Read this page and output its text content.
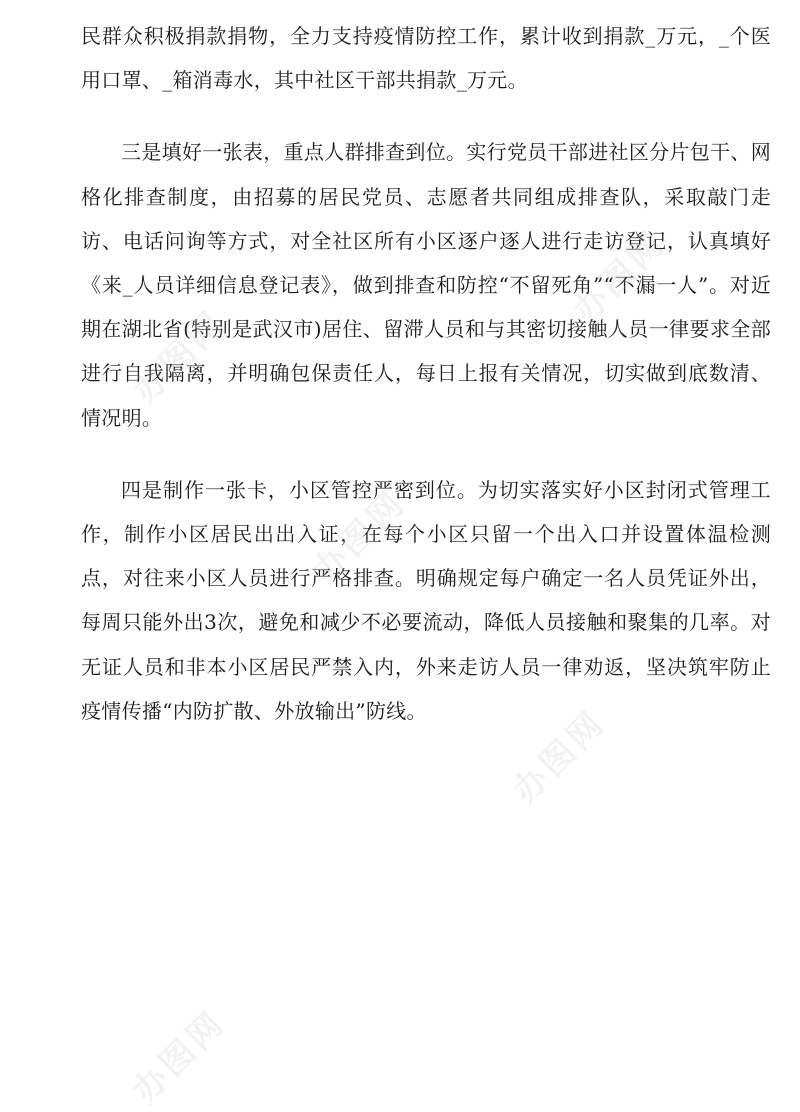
民群众积极捐款捐物，全力支持疫情防控工作，累计收到捐款_万元，_个医用口罩、_箱消毒水，其中社区干部共捐款_万元。

三是填好一张表，重点人群排查到位。实行党员干部进社区分片包干、网格化排查制度，由招募的居民党员、志愿者共同组成排查队，采取敲门走访、电话问询等方式，对全社区所有小区逐户逐人进行走访登记，认真填好《来_人员详细信息登记表》，做到排查和防控“不留死角”“不漏一人”。对近期在湖北省(特别是武汉市)居住、留滞人员和与其密切接触人员一律要求全部进行自我隔离，并明确包保责任人，每日上报有关情况，切实做到底数清、情况明。

四是制作一张卡，小区管控严密到位。为切实落实好小区封闭式管理工作，制作小区居民出出入证，在每个小区只留一个出入口并设置体温检测点，对往来小区人员进行严格排查。明确规定每户确定一名人员凭证外出，每周只能外出3次，避免和减少不必要流动，降低人员接触和聚集的几率。对无证人员和非本小区居民严禁入内，外来走访人员一律劝返，坚决筑牢防止疫情传播“内防扩散、外放输出”防线。

办图网
办图网
办图网
办图网
办图网
